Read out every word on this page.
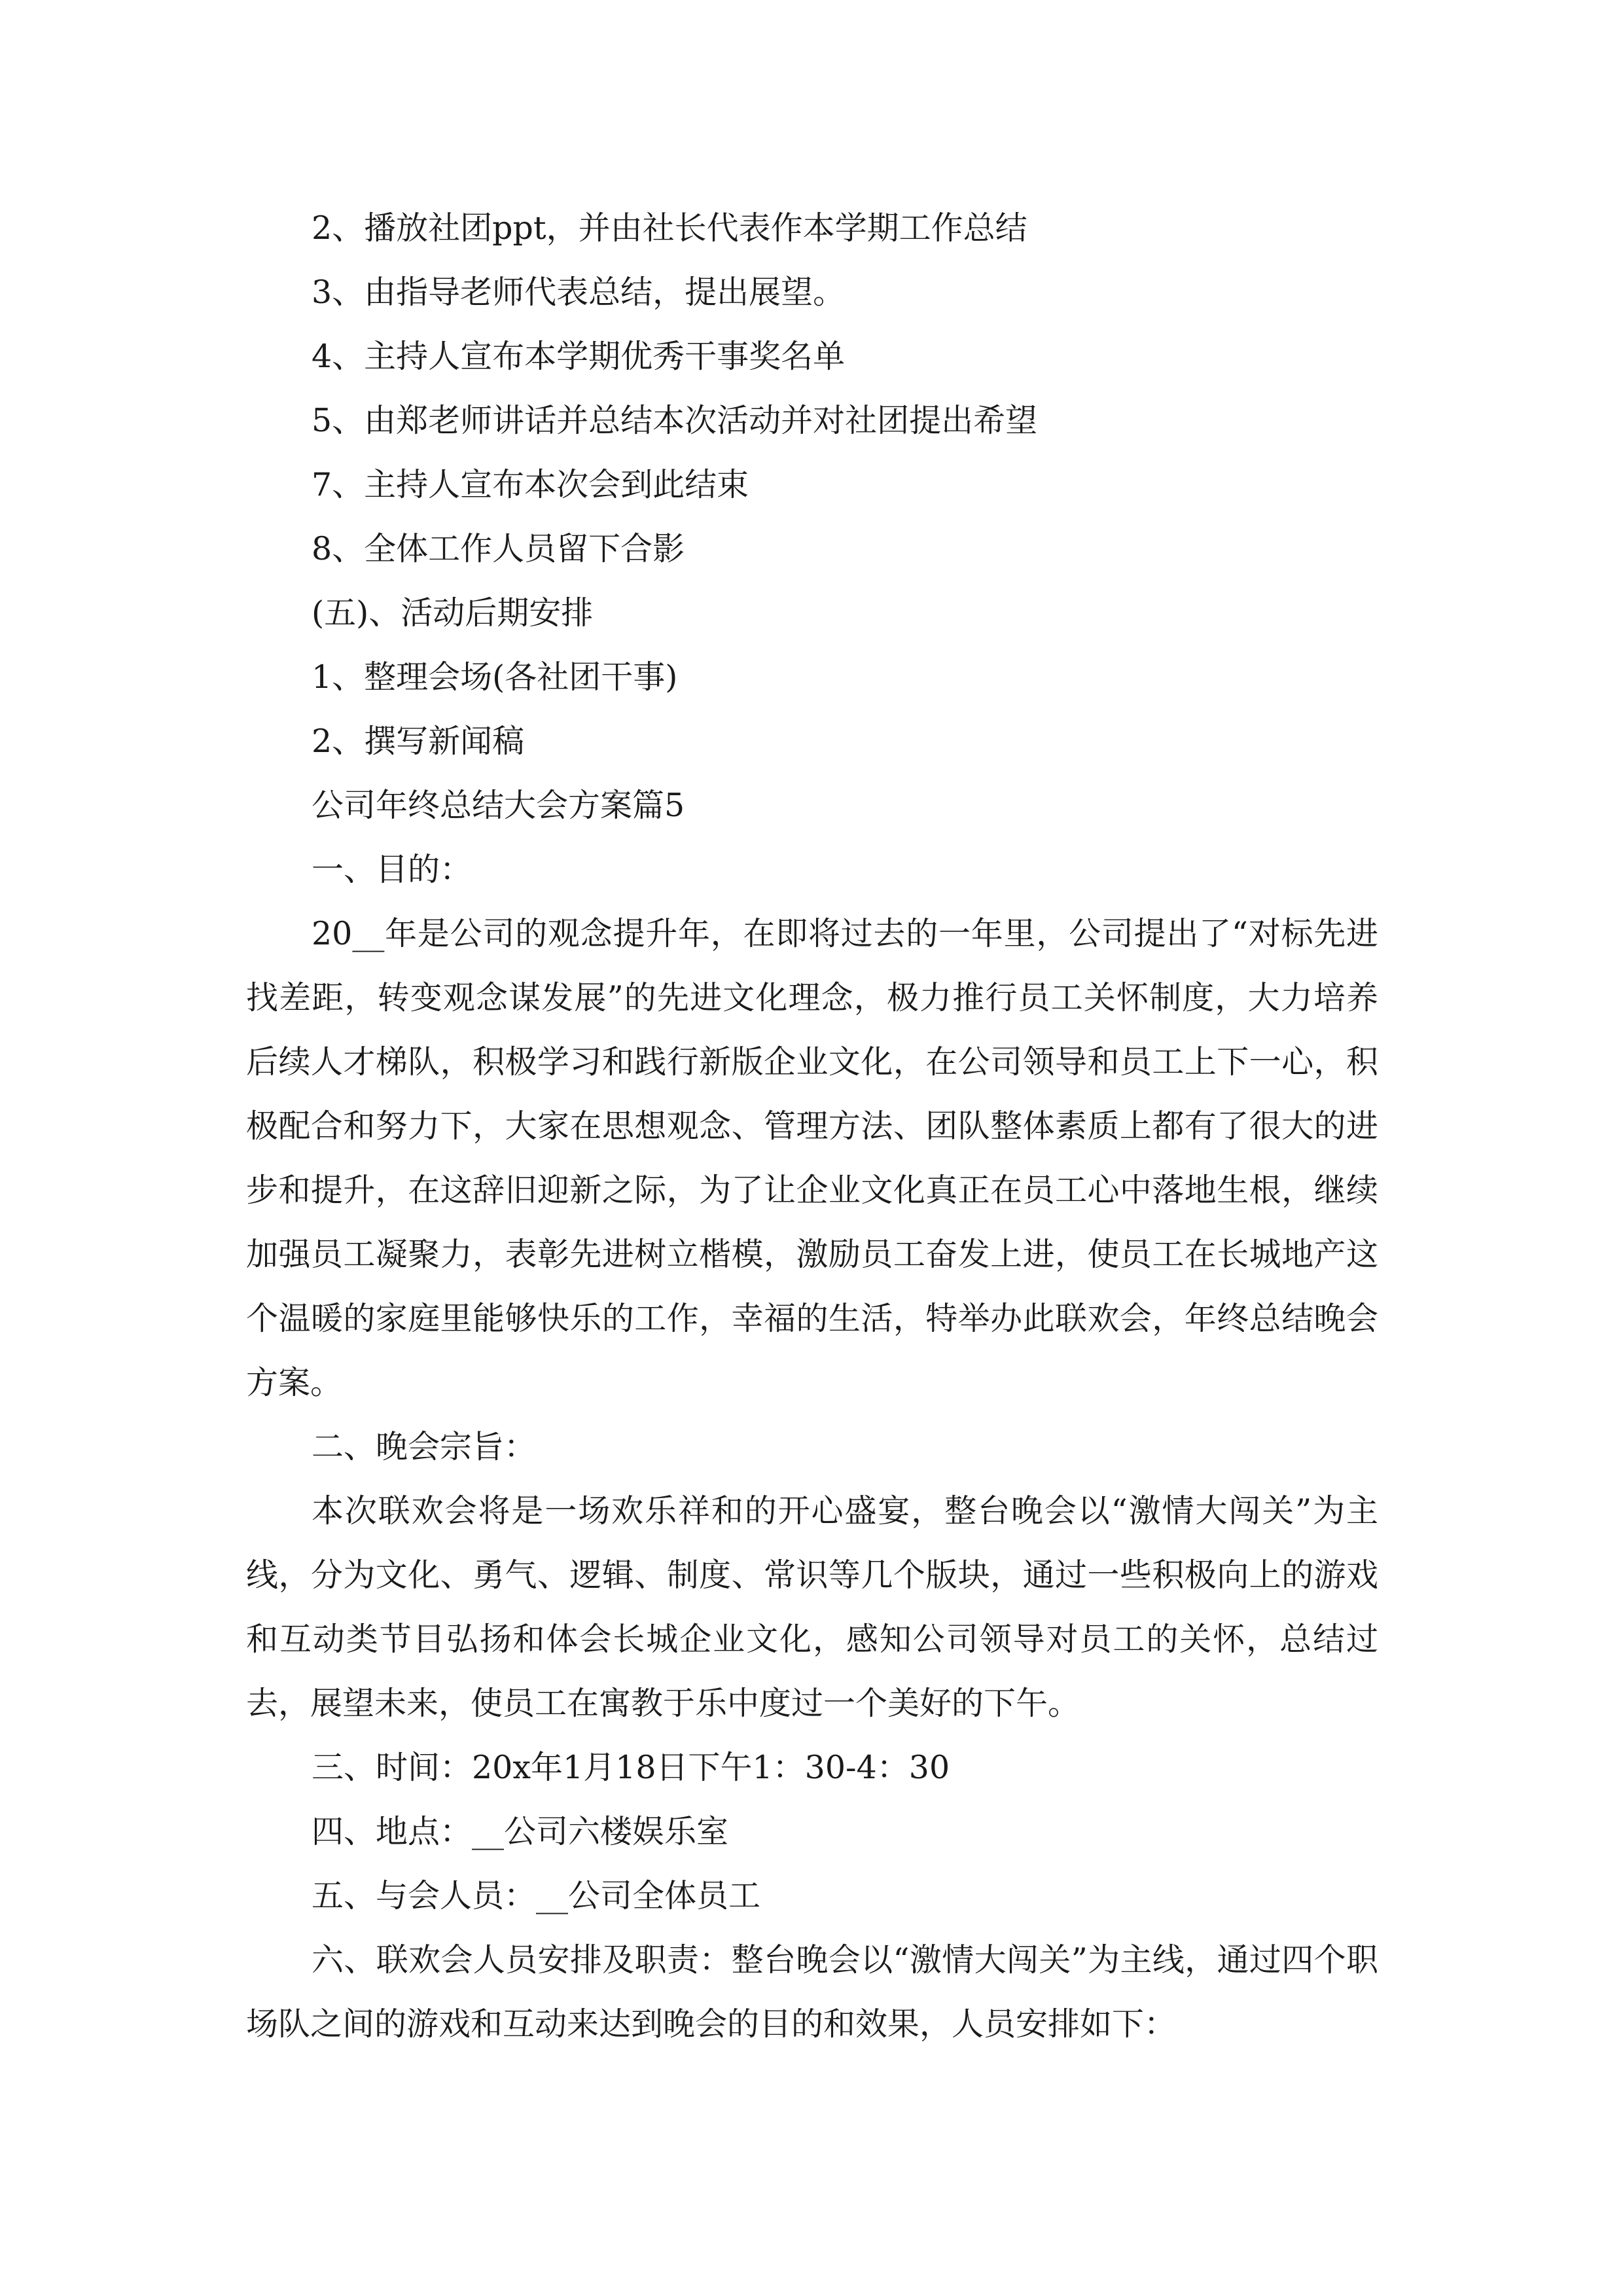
2、播放社团ppt，并由社长代表作本学期工作总结

3、由指导老师代表总结，提出展望。

4、主持人宣布本学期优秀干事奖名单

5、由郑老师讲话并总结本次活动并对社团提出希望

7、主持人宣布本次会到此结束

8、全体工作人员留下合影

(五)、活动后期安排

1、整理会场(各社团干事)

2、撰写新闻稿

公司年终总结大会方案篇5

一、目的：

20__年是公司的观念提升年，在即将过去的一年里，公司提出了“对标先进找差距，转变观念谋发展”的先进文化理念，极力推行员工关怀制度，大力培养后续人才梯队，积极学习和践行新版企业文化，在公司领导和员工上下一心，积极配合和努力下，大家在思想观念、管理方法、团队整体素质上都有了很大的进步和提升，在这辞旧迎新之际，为了让企业文化真正在员工心中落地生根，继续加强员工凝聚力，表彰先进树立楷模，激励员工奋发上进，使员工在长城地产这个温暖的家庭里能够快乐的工作，幸福的生活，特举办此联欢会，年终总结晚会方案。

二、晚会宗旨：

本次联欢会将是一场欢乐祥和的开心盛宴，整台晚会以“激情大闯关”为主线，分为文化、勇气、逻辑、制度、常识等几个版块，通过一些积极向上的游戏和互动类节目弘扬和体会长城企业文化，感知公司领导对员工的关怀，总结过去，展望未来，使员工在寓教于乐中度过一个美好的下午。

三、时间：20x年1月18日下午1：30-4：30

四、地点：__公司六楼娱乐室

五、与会人员：__公司全体员工

六、联欢会人员安排及职责：整台晚会以“激情大闯关”为主线，通过四个职场队之间的游戏和互动来达到晚会的目的和效果，人员安排如下：
